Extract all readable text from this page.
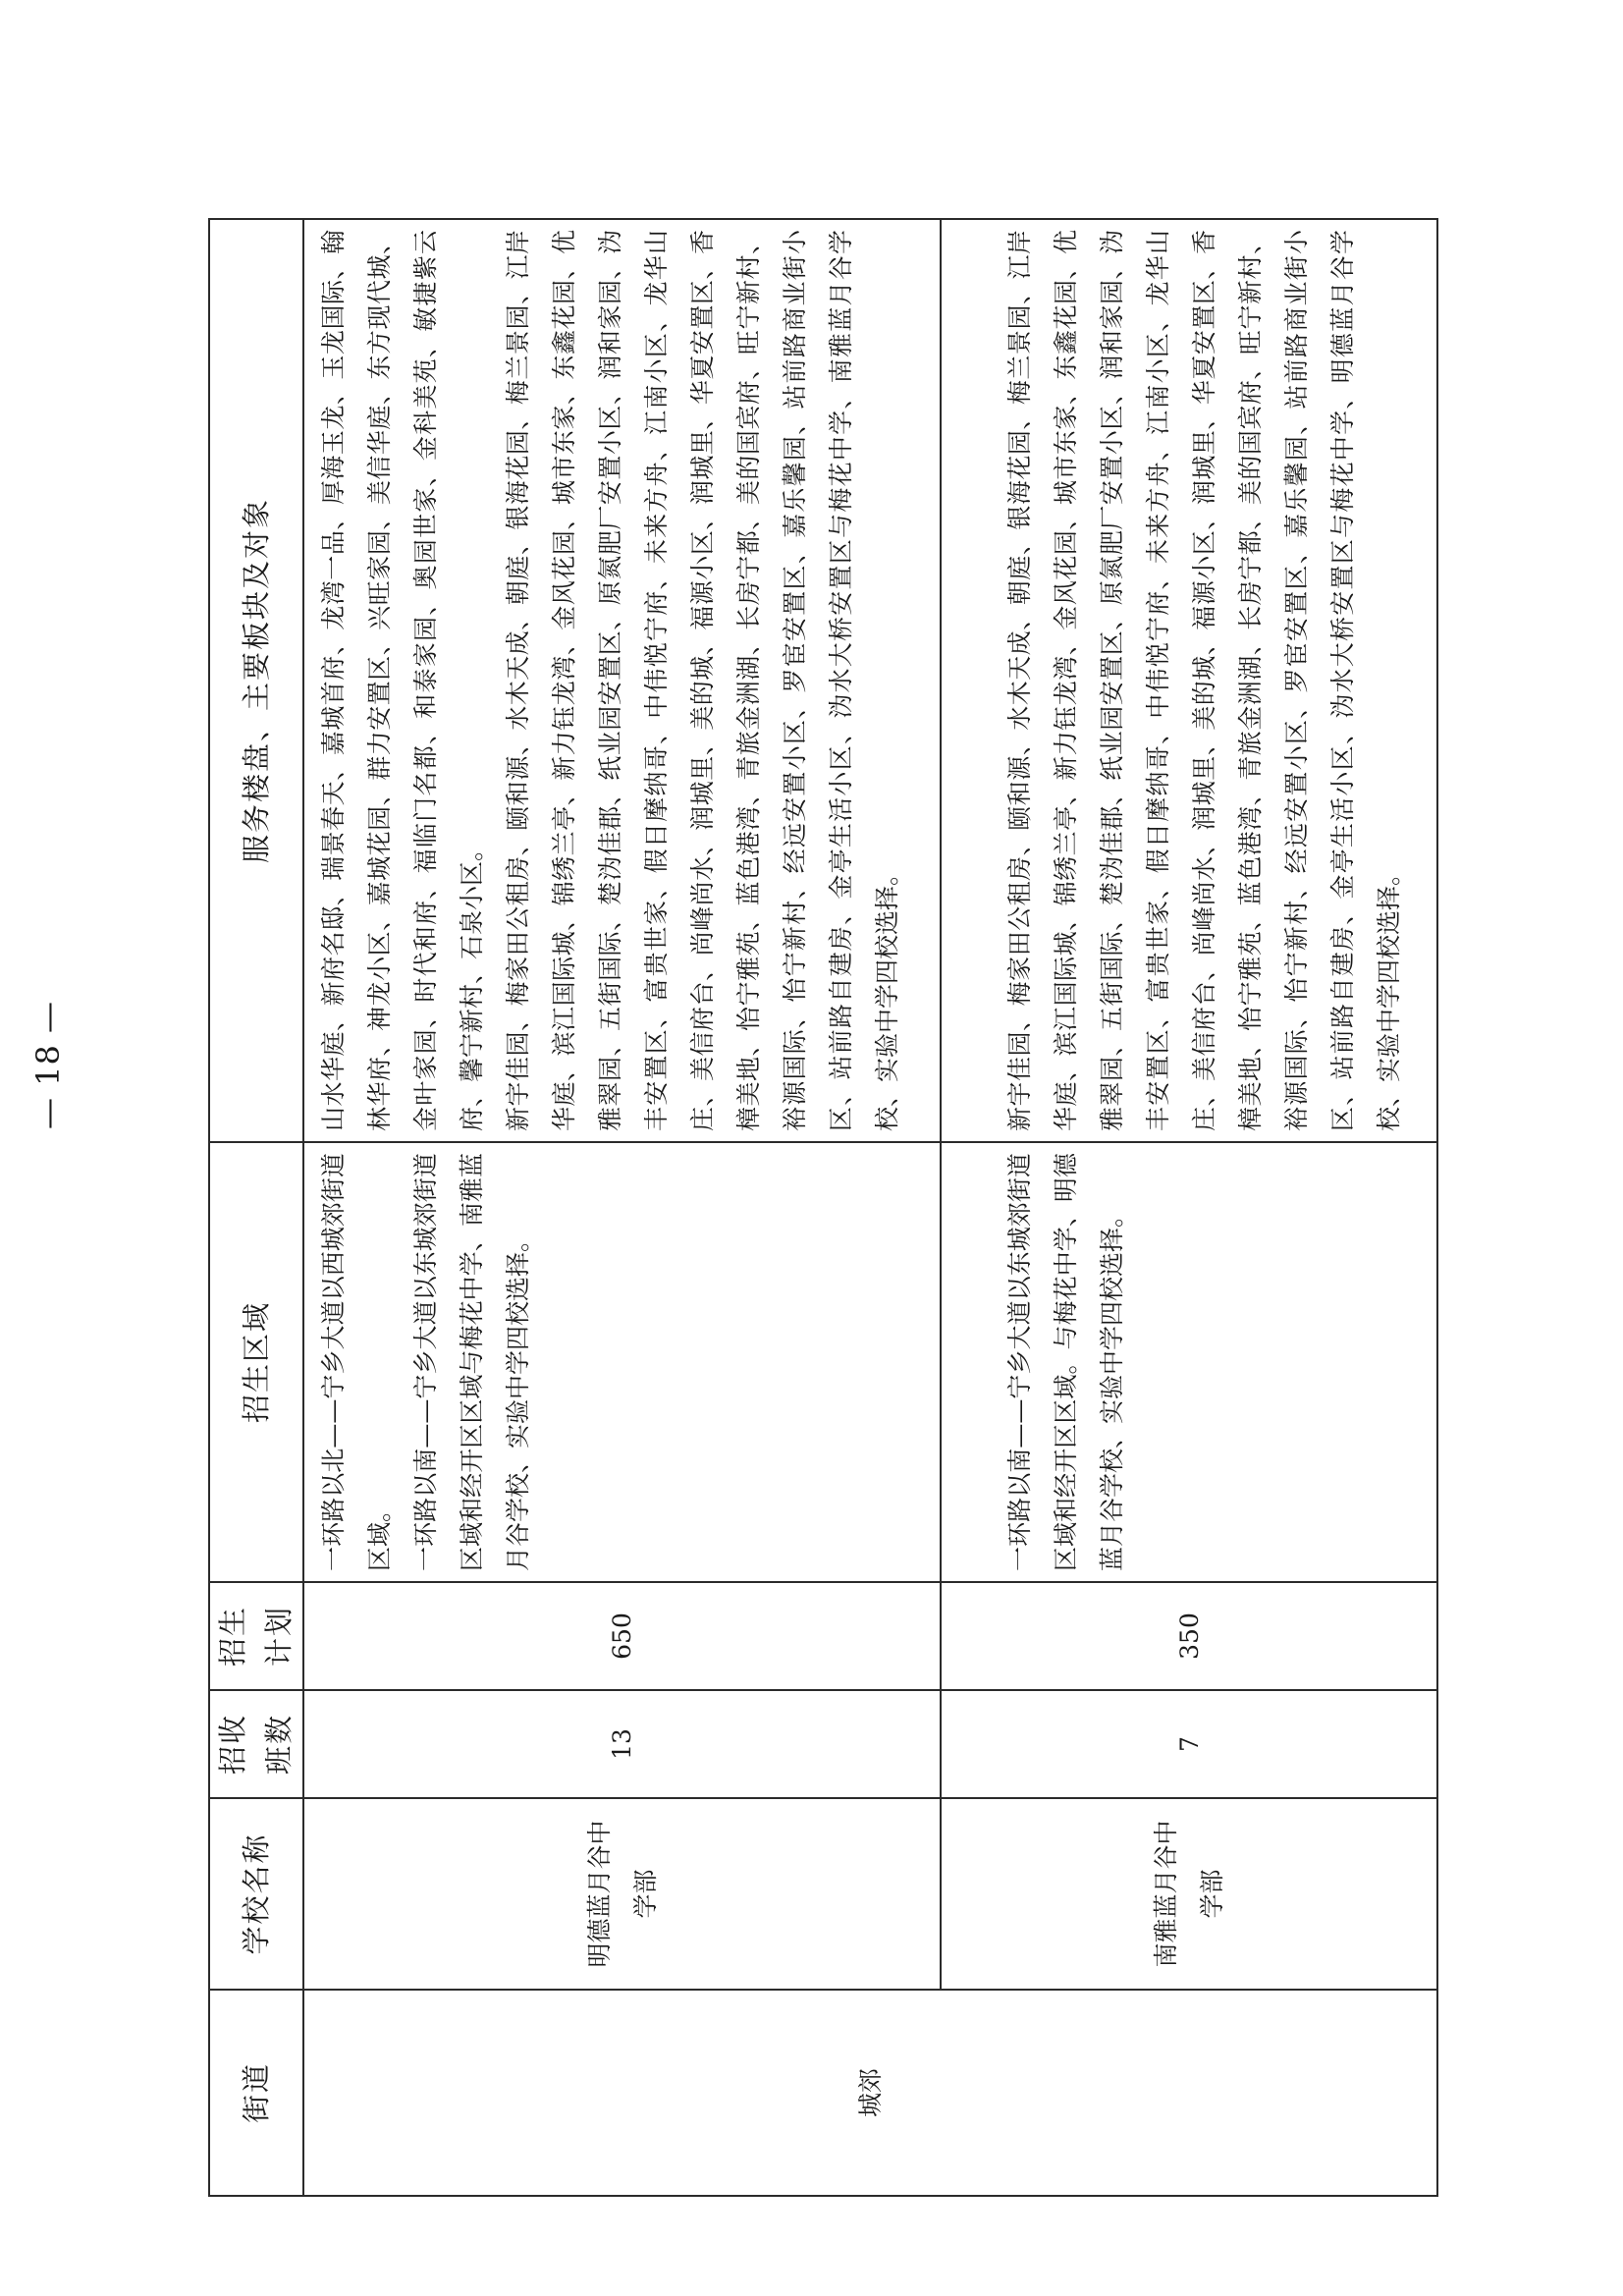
街道	学校名称	招收 班数	招生 计划	招生区域	服务楼盘、主要板块及对象
城郊	明德蓝月谷中学部	13	650	一环路以北——宁乡大道以西城郊街道区域。 一环路以南——宁乡大道以东城郊街道区域和经开区区域与梅花中学、南雅蓝月谷学校、实验中学四校选择。	山水华庭、新府名邸、瑞景春天、嘉城首府、龙湾一品、厚海玉龙、玉龙国际、翰林华府、神龙小区、嘉城花园、群力安置区、兴旺家园、美信华庭、东方现代城、金叶家园、时代和府、福临门名都、和泰家园、奥园世家、金科美苑、敏捷紫云府、馨宁新村、石泉小区。 新宇佳园、梅家田公租房、颐和源、水木天成、朝庭、银海花园、梅兰景园、江岸华庭、滨江国际城、锦绣兰亭、新力钰龙湾、金风花园、城市东家、东鑫花园、优雅翠园、五街国际、楚沩佳郡、纸业园安置区、原氮肥厂安置小区、润和家园、沩丰安置区、富贵世家、假日摩纳哥、中伟悦宁府、未来方舟、江南小区、龙华山庄、美信府台、尚峰尚水、润城里、美的城、福源小区、润城里、华夏安置区、香樟美地、怡宁雅苑、蓝色港湾、青旅金洲湖、长房宁都、美的国宾府、旺宁新村、裕源国际、怡宁新村、经远安置小区、罗宦安置区、嘉乐馨园、站前路商业街小区、站前路自建房、金亭生活小区、沩水大桥安置区与梅花中学、南雅蓝月谷学校、实验中学四校选择。

	南雅蓝月谷中学部	7	350	一环路以南——宁乡大道以东城郊街道区域和经开区区域。与梅花中学、明德蓝月谷学校、实验中学四校选择。	新宇佳园、梅家田公租房、颐和源、水木天成、朝庭、银海花园、梅兰景园、江岸华庭、滨江国际城、锦绣兰亭、新力钰龙湾、金风花园、城市东家、东鑫花园、优雅翠园、五街国际、楚沩佳郡、纸业园安置区、原氮肥厂安置小区、润和家园、沩丰安置区、富贵世家、假日摩纳哥、中伟悦宁府、未来方舟、江南小区、龙华山庄、美信府台、尚峰尚水、润城里、美的城、福源小区、润城里、华夏安置区、香樟美地、怡宁雅苑、蓝色港湾、青旅金洲湖、长房宁都、美的国宾府、旺宁新村、裕源国际、怡宁新村、经远安置小区、罗宦安置区、嘉乐馨园、站前路商业街小区、站前路自建房、金亭生活小区、沩水大桥安置区与梅花中学、明德蓝月谷学校、实验中学四校选择。
— 18 —
